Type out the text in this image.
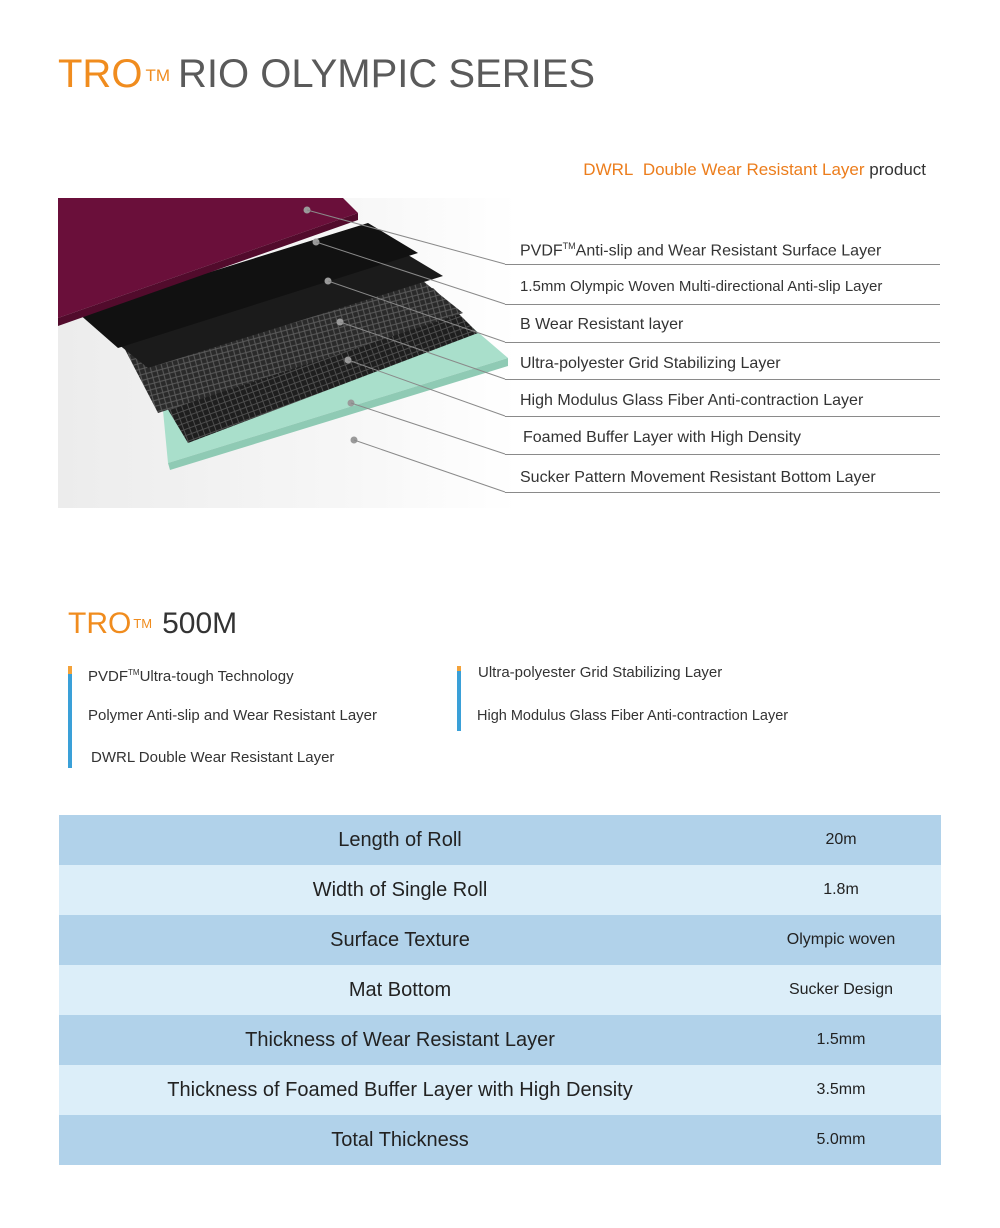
TRO ™ RIO OLYMPIC SERIES
DWRL Double Wear Resistant Layer product
PVDF™Anti-slip and Wear Resistant Surface Layer
1.5mm Olympic Woven Multi-directional Anti-slip Layer
B Wear Resistant layer
Ultra-polyester Grid Stabilizing Layer
High Modulus Glass Fiber Anti-contraction Layer
Foamed Buffer Layer with High Density
Sucker Pattern Movement Resistant Bottom Layer
TRO ™ 500M
PVDF™Ultra-tough Technology
Polymer Anti-slip and Wear Resistant Layer
DWRL Double Wear Resistant Layer
Ultra-polyester Grid Stabilizing Layer
High Modulus Glass Fiber Anti-contraction Layer
Length of Roll	20m
Width of Single Roll	1.8m
Surface Texture	Olympic woven
Mat Bottom	Sucker Design
Thickness of Wear Resistant Layer	1.5mm
Thickness of Foamed Buffer Layer with High Density	3.5mm
Total Thickness	5.0mm
